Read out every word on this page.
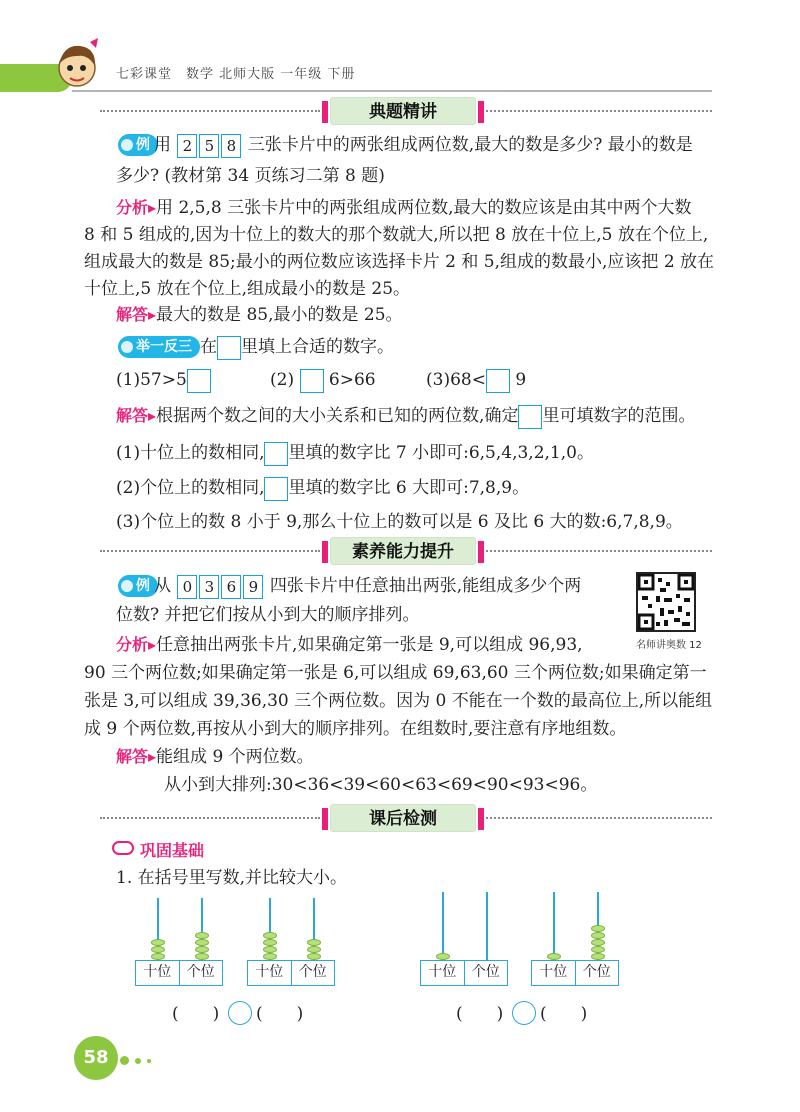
七彩课堂　数学 北师大版 一年级 下册
典题精讲
例 用 2 5 8 三张卡片中的两张组成两位数,最大的数是多少? 最小的数是
多少? (教材第 34 页练习二第 8 题)
分析▸用 2,5,8 三张卡片中的两张组成两位数,最大的数应该是由其中两个大数
8 和 5 组成的,因为十位上的数大的那个数就大,所以把 8 放在十位上,5 放在个位上,
组成最大的数是 85;最小的两位数应该选择卡片 2 和 5,组成的数最小,应该把 2 放在
十位上,5 放在个位上,组成最小的数是 25。
解答▸最大的数是 85,最小的数是 25。
举一反三 在 里填上合适的数字。
(1)57>5	(2) 6>66	(3)68< 9
解答▸根据两个数之间的大小关系和已知的两位数,确定 里可填数字的范围。
(1)十位上的数相同, 里填的数字比 7 小即可:6,5,4,3,2,1,0。
(2)个位上的数相同, 里填的数字比 6 大即可:7,8,9。
(3)个位上的数 8 小于 9,那么十位上的数可以是 6 及比 6 大的数:6,7,8,9。
素养能力提升
例 从 0 3 6 9 四张卡片中任意抽出两张,能组成多少个两
位数? 并把它们按从小到大的顺序排列。
名师讲奥数 12
分析▸任意抽出两张卡片,如果确定第一张是 9,可以组成 96,93,
90 三个两位数;如果确定第一张是 6,可以组成 69,63,60 三个两位数;如果确定第一
张是 3,可以组成 39,36,30 三个两位数。因为 0 不能在一个数的最高位上,所以能组
成 9 个两位数,再按从小到大的顺序排列。在组数时,要注意有序地组数。
解答▸能组成 9 个两位数。
从小到大排列:30<36<39<60<63<69<90<93<96。
课后检测
巩固基础
1. 在括号里写数,并比较大小。
十位	个位	十位	个位
(　　) (　　)
十位	个位	十位	个位
(　　) (　　)
58
